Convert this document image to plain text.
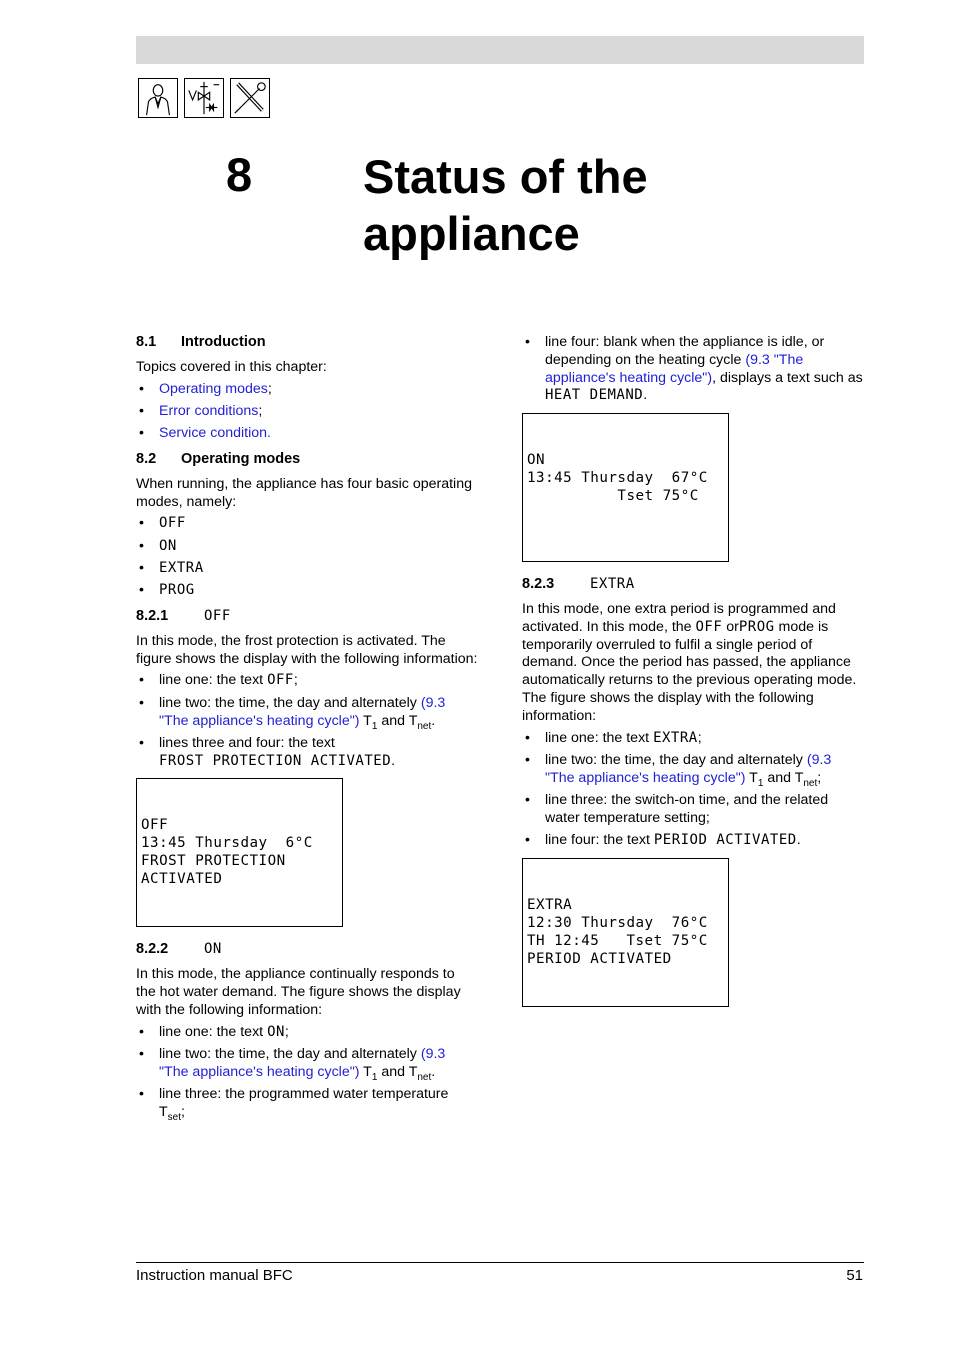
8 Status of the appliance
8.1	Introduction

Topics covered in this chapter:

• Operating modes;
• Error conditions;
• Service condition.
8.2	Operating modes

When running, the appliance has four basic operating modes, namely:

• OFF
• ON
• EXTRA
• PROG
8.2.1	OFF

In this mode, the frost protection is activated. The figure shows the display with the following information:

• line one: the text OFF;
• line two: the time, the day and alternately (9.3 "The appliance's heating cycle") $T_1$ and $T_{net}$.
• lines three and four: the text
FROST PROTECTION ACTIVATED.

OFF
13:45 Thursday  6°C
FROST PROTECTION
ACTIVATED

8.2.2	ON

In this mode, the appliance continually responds to the hot water demand. The figure shows the display with the following information:

• line one: the text ON;
• line two: the time, the day and alternately (9.3 "The appliance's heating cycle") $T_1$ and $T_{net}$.
• line three: the programmed water temperature $T_{set}$;
• line four: blank when the appliance is idle, or depending on the heating cycle (9.3 "The appliance's heating cycle"), displays a text such as HEAT DEMAND.

ON
13:45 Thursday  67°C
Tset 75°C

8.2.3	EXTRA

In this mode, one extra period is programmed and activated. In this mode, the OFF orPROG mode is temporarily overruled to fulfil a single period of demand. Once the period has passed, the appliance automatically returns to the previous operating mode. The figure shows the display with the following information:

• line one: the text EXTRA;
• line two: the time, the day and alternately (9.3 "The appliance's heating cycle") $T_1$ and $T_{net}$;
• line three: the switch-on time, and the related water temperature setting;
• line four: the text PERIOD ACTIVATED.

EXTRA
12:30 Thursday  76°C
TH 12:45   Tset 75°C
PERIOD ACTIVATED

Instruction manual BFC	51
